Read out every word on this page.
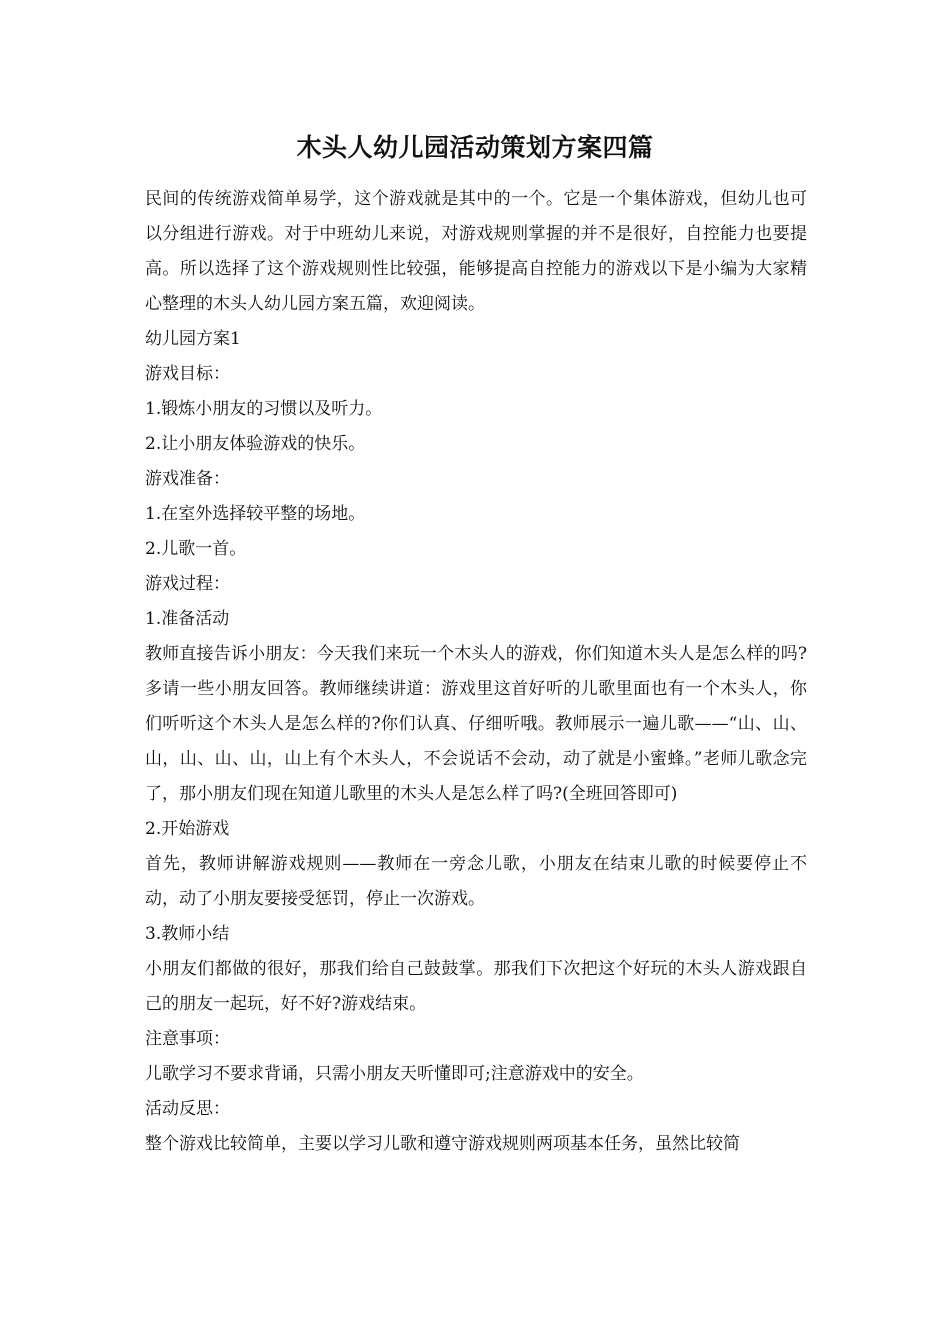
木头人幼儿园活动策划方案四篇

民间的传统游戏简单易学，这个游戏就是其中的一个。它是一个集体游戏，但幼儿也可以分组进行游戏。对于中班幼儿来说，对游戏规则掌握的并不是很好，自控能力也要提高。所以选择了这个游戏规则性比较强，能够提高自控能力的游戏以下是小编为大家精心整理的木头人幼儿园方案五篇，欢迎阅读。

幼儿园方案1

游戏目标：

1.锻炼小朋友的习惯以及听力。

2.让小朋友体验游戏的快乐。

游戏准备：

1.在室外选择较平整的场地。

2.儿歌一首。

游戏过程：

1.准备活动

教师直接告诉小朋友：今天我们来玩一个木头人的游戏，你们知道木头人是怎么样的吗?多请一些小朋友回答。教师继续讲道：游戏里这首好听的儿歌里面也有一个木头人，你们听听这个木头人是怎么样的?你们认真、仔细听哦。教师展示一遍儿歌——“山、山、山，山、山、山，山上有个木头人，不会说话不会动，动了就是小蜜蜂。”老师儿歌念完了，那小朋友们现在知道儿歌里的木头人是怎么样了吗?(全班回答即可)

2.开始游戏

首先，教师讲解游戏规则——教师在一旁念儿歌，小朋友在结束儿歌的时候要停止不动，动了小朋友要接受惩罚，停止一次游戏。

3.教师小结

小朋友们都做的很好，那我们给自己鼓鼓掌。那我们下次把这个好玩的木头人游戏跟自己的朋友一起玩，好不好?游戏结束。

注意事项：

儿歌学习不要求背诵，只需小朋友天听懂即可;注意游戏中的安全。

活动反思：

整个游戏比较简单，主要以学习儿歌和遵守游戏规则两项基本任务，虽然比较简
